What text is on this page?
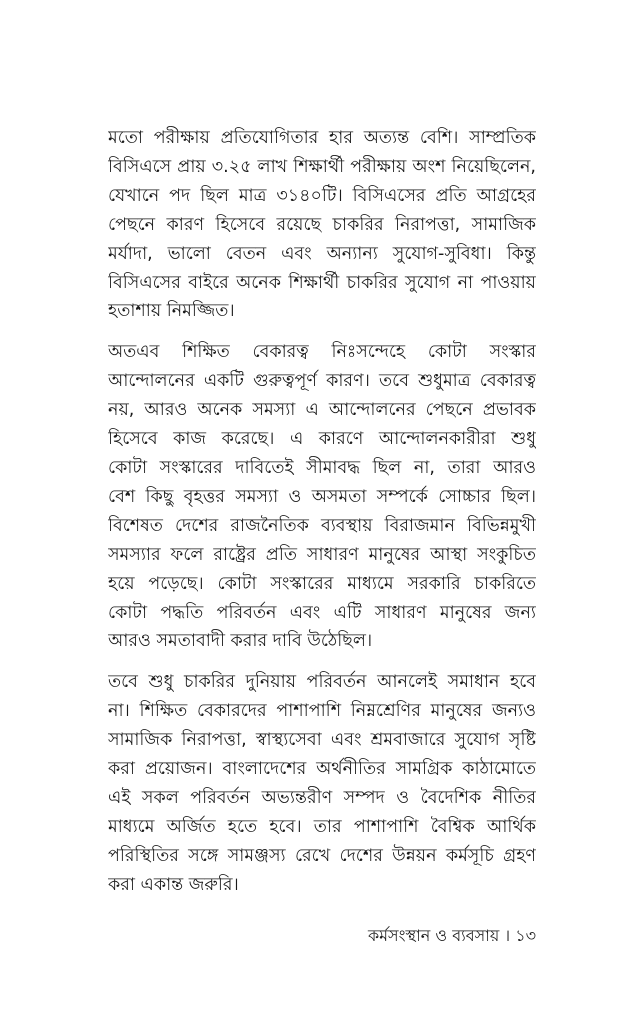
মতো পরীক্ষায় প্রতিযোগিতার হার অত্যন্ত বেশি। সাম্প্রতিক
বিসিএসে প্রায় ৩.২৫ লাখ শিক্ষার্থী পরীক্ষায় অংশ নিয়েছিলেন,
যেখানে পদ ছিল মাত্র ৩১৪০টি। বিসিএসের প্রতি আগ্রহের
পেছনে কারণ হিসেবে রয়েছে চাকরির নিরাপত্তা, সামাজিক
মর্যাদা, ভালো বেতন এবং অন্যান্য সুযোগ-সুবিধা। কিন্তু
বিসিএসের বাইরে অনেক শিক্ষার্থী চাকরির সুযোগ না পাওয়ায়
হতাশায় নিমজ্জিত।
অতএব শিক্ষিত বেকারত্ব নিঃসন্দেহে কোটা সংস্কার
আন্দোলনের একটি গুরুত্বপূর্ণ কারণ। তবে শুধুমাত্র বেকারত্ব
নয়, আরও অনেক সমস্যা এ আন্দোলনের পেছনে প্রভাবক
হিসেবে কাজ করেছে। এ কারণে আন্দোলনকারীরা শুধু
কোটা সংস্কারের দাবিতেই সীমাবদ্ধ ছিল না, তারা আরও
বেশ কিছু বৃহত্তর সমস্যা ও অসমতা সম্পর্কে সোচ্চার ছিল।
বিশেষত দেশের রাজনৈতিক ব্যবস্থায় বিরাজমান বিভিন্নমুখী
সমস্যার ফলে রাষ্ট্রের প্রতি সাধারণ মানুষের আস্থা সংকুচিত
হয়ে পড়েছে। কোটা সংস্কারের মাধ্যমে সরকারি চাকরিতে
কোটা পদ্ধতি পরিবর্তন এবং এটি সাধারণ মানুষের জন্য
আরও সমতাবাদী করার দাবি উঠেছিল।
তবে শুধু চাকরির দুনিয়ায় পরিবর্তন আনলেই সমাধান হবে
না। শিক্ষিত বেকারদের পাশাপাশি নিম্নশ্রেণির মানুষের জন্যও
সামাজিক নিরাপত্তা, স্বাস্থ্যসেবা এবং শ্রমবাজারে সুযোগ সৃষ্টি
করা প্রয়োজন। বাংলাদেশের অর্থনীতির সামগ্রিক কাঠামোতে
এই সকল পরিবর্তন অভ্যন্তরীণ সম্পদ ও বৈদেশিক নীতির
মাধ্যমে অর্জিত হতে হবে। তার পাশাপাশি বৈশ্বিক আর্থিক
পরিস্থিতির সঙ্গে সামঞ্জস্য রেখে দেশের উন্নয়ন কর্মসূচি গ্রহণ
করা একান্ত জরুরি।
কর্মসংস্থান ও ব্যবসায় । ১৩
